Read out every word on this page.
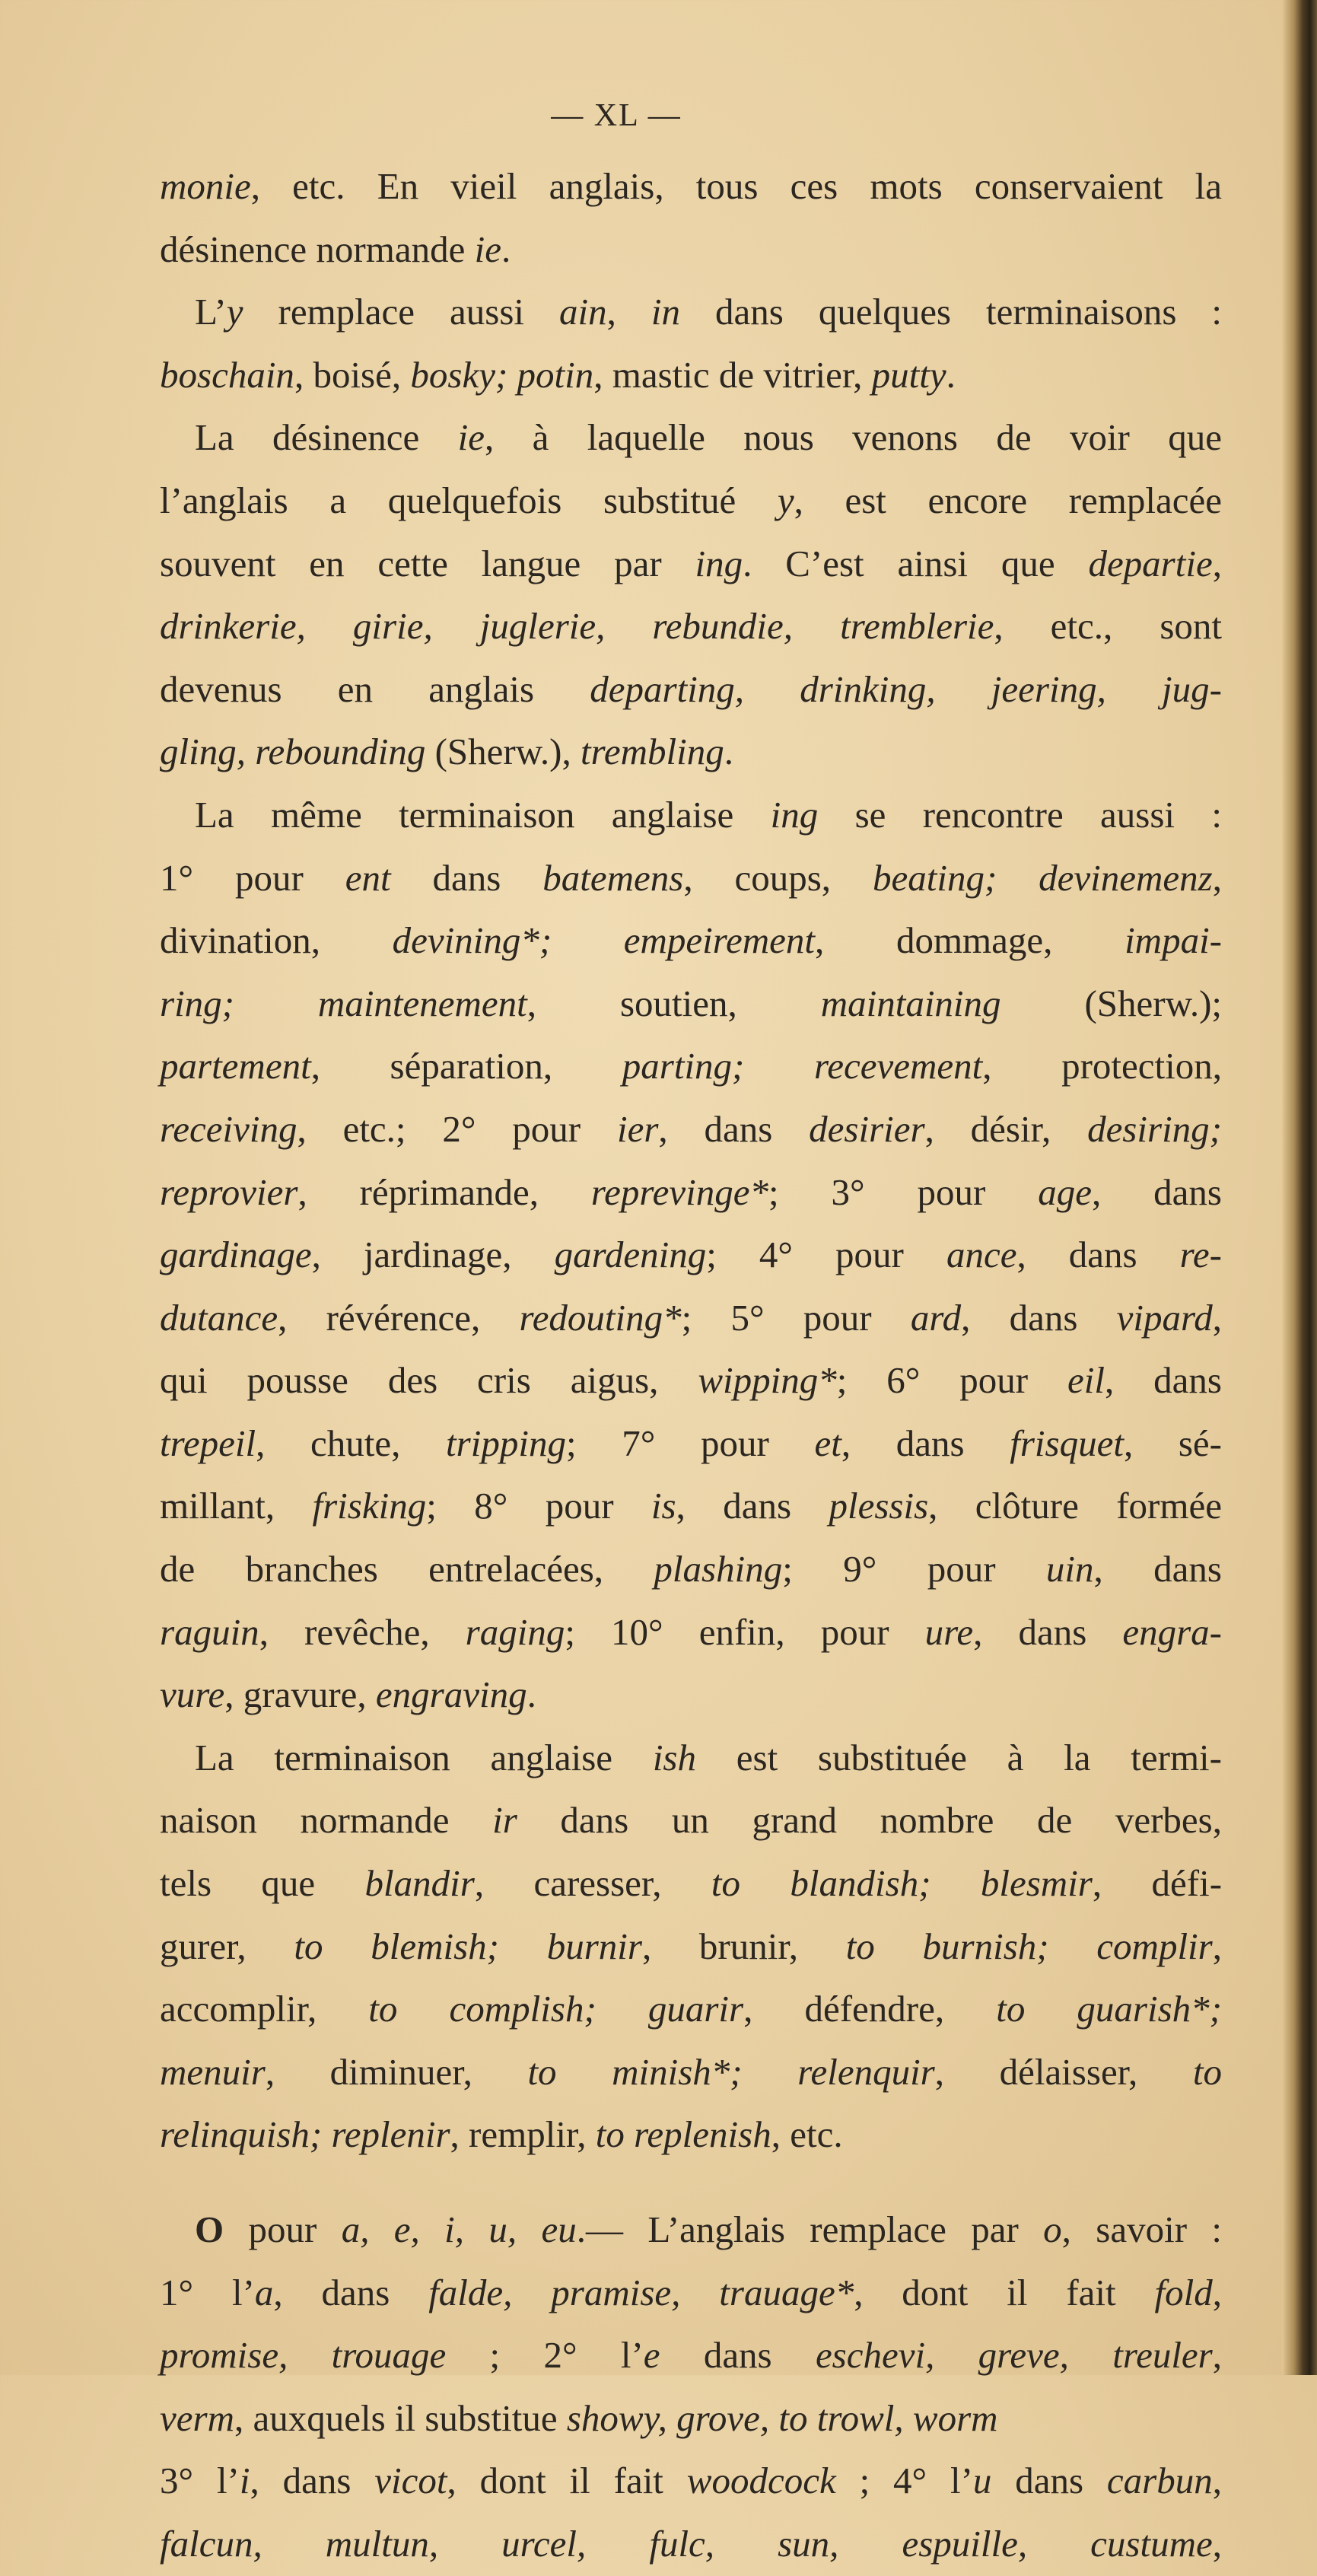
— XL —
monie, etc. En vieil anglais, tous ces mots conservaient la
désinence normande ie.
L’y remplace aussi ain, in dans quelques terminaisons :
boschain, boisé, bosky; potin, mastic de vitrier, putty.
La désinence ie, à laquelle nous venons de voir que
l’anglais a quelquefois substitué y, est encore remplacée
souvent en cette langue par ing. C’est ainsi que departie,
drinkerie, girie, juglerie, rebundie, tremblerie, etc., sont
devenus en anglais departing, drinking, jeering, jug-
gling, rebounding (Sherw.), trembling.
La même terminaison anglaise ing se rencontre aussi :
1° pour ent dans batemens, coups, beating; devinemenz,
divination, devining*; empeirement, dommage, impai-
ring; maintenement, soutien, maintaining (Sherw.);
partement, séparation, parting; recevement, protection,
receiving, etc.; 2° pour ier, dans desirier, désir, desiring;
reprovier, réprimande, reprevinge*; 3° pour age, dans
gardinage, jardinage, gardening; 4° pour ance, dans re-
dutance, révérence, redouting*; 5° pour ard, dans vipard,
qui pousse des cris aigus, wipping*; 6° pour eil, dans
trepeil, chute, tripping; 7° pour et, dans frisquet, sé-
millant, frisking; 8° pour is, dans plessis, clôture formée
de branches entrelacées, plashing; 9° pour uin, dans
raguin, revêche, raging; 10° enfin, pour ure, dans engra-
vure, gravure, engraving.
La terminaison anglaise ish est substituée à la termi-
naison normande ir dans un grand nombre de verbes,
tels que blandir, caresser, to blandish; blesmir, défi-
gurer, to blemish; burnir, brunir, to burnish; complir,
accomplir, to complish; guarir, défendre, to guarish*;
menuir, diminuer, to minish*; relenquir, délaisser, to
relinquish; replenir, remplir, to replenish, etc.
O pour a, e, i, u, eu.— L’anglais remplace par o, savoir :
1° l’a, dans falde, pramise, trauage*, dont il fait fold,
promise, trouage ; 2° l’e dans eschevi, greve, treuler,
verm, auxquels il substitue showy, grove, to trowl, worm
3° l’i, dans vicot, dont il fait woodcock ; 4° l’u dans carbun,
falcun, multun, urcel, fulc, sun, espuille, custume,
